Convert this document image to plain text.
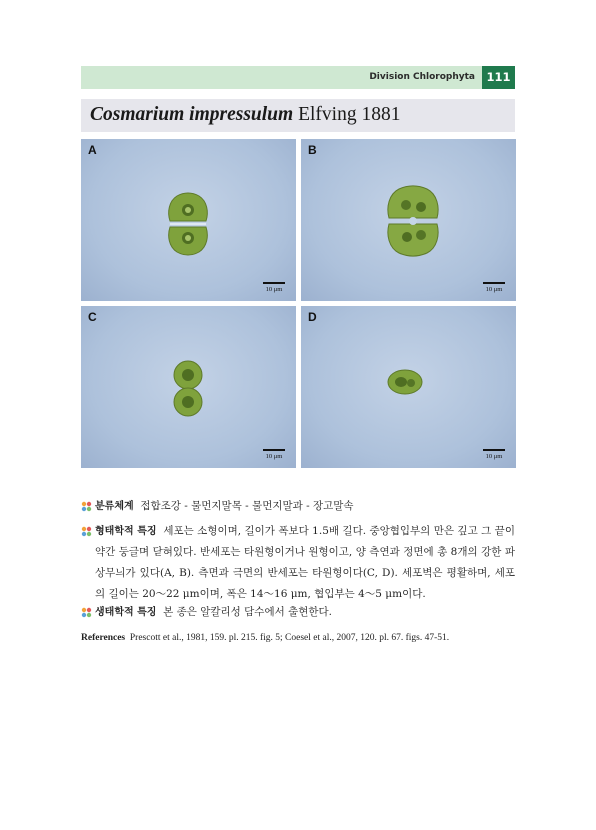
Division Chlorophyta 111
Cosmarium impressulum Elfving 1881
A
10 μm
B
10 μm
C
10 μm
D
10 μm
분류체계 접합조강 - 물먼지말목 - 물먼지말과 - 장고말속
형태학적 특징 세포는 소형이며, 길이가 폭보다 1.5배 길다. 중앙협입부의 만은 깊고 그 끝이 약간 둥글며 닫혀있다. 반세포는 타원형이거나 원형이고, 양 측연과 정면에 총 8개의 강한 파상무늬가 있다(A, B). 측면과 극면의 반세포는 타원형이다(C, D). 세포벽은 평활하며, 세포의 길이는 20～22 μm이며, 폭은 14～16 μm, 협입부는 4～5 μm이다.
생태학적 특징 본 종은 알칼리성 담수에서 출현한다.
References Prescott et al., 1981, 159. pl. 215. fig. 5; Coesel et al., 2007, 120. pl. 67. figs. 47-51.
